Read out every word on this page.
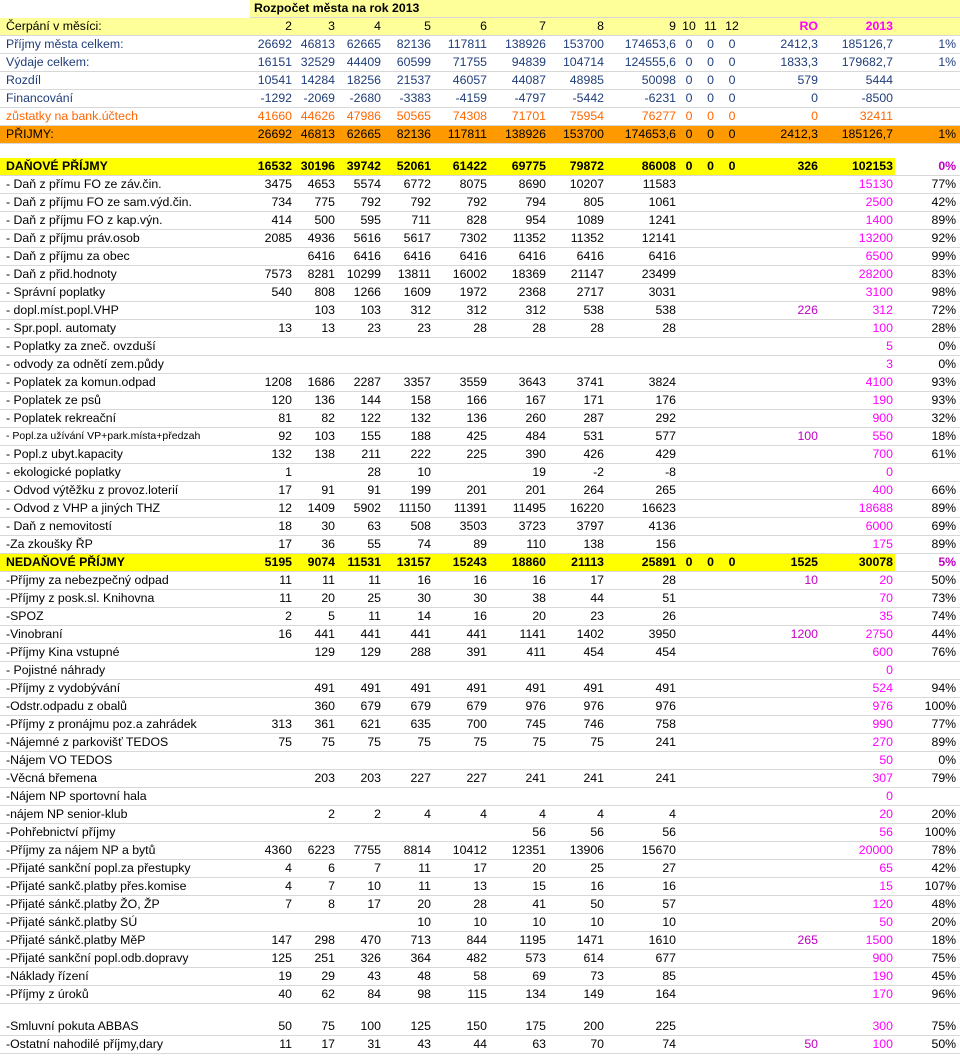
	Rozpočet města na rok 2013													
Čerpání v měsíci:	2	3	4	5	6	7	8	9	10	11	12	RO	2013	
Příjmy města celkem:	26692	46813	62665	82136	117811	138926	153700	174653,6	0	0	0	2412,3	185126,7	1%
Výdaje celkem:	16151	32529	44409	60599	71755	94839	104714	124555,6	0	0	0	1833,3	179682,7	1%
Rozdíl	10541	14284	18256	21537	46057	44087	48985	50098	0	0	0	579	5444	
Financování	-1292	-2069	-2680	-3383	-4159	-4797	-5442	-6231	0	0	0	0	-8500	
zůstatky na bank.účtech	41660	44626	47986	50565	74308	71701	75954	76277	0	0	0	0	32411	
PŘIJMY:	26692	46813	62665	82136	117811	138926	153700	174653,6	0	0	0	2412,3	185126,7	1%

DAŇOVÉ PŘÍJMY	16532	30196	39742	52061	61422	69775	79872	86008	0	0	0	326	102153	0%
- Daň z přímu FO ze záv.čin.	3475	4653	5574	6772	8075	8690	10207	11583					15130	77%
- Daň z příjmu FO ze sam.výd.čin.	734	775	792	792	792	794	805	1061					2500	42%
- Daň z příjmu FO z kap.výn.	414	500	595	711	828	954	1089	1241					1400	89%
- Daň z příjmu práv.osob	2085	4936	5616	5617	7302	11352	11352	12141					13200	92%
- Daň z příjmu za obec		6416	6416	6416	6416	6416	6416	6416					6500	99%
- Daň z přid.hodnoty	7573	8281	10299	13811	16002	18369	21147	23499					28200	83%
- Správní poplatky	540	808	1266	1609	1972	2368	2717	3031					3100	98%
- dopl.míst.popl.VHP		103	103	312	312	312	538	538				226	312	72%
- Spr.popl. automaty	13	13	23	23	28	28	28	28					100	28%
- Poplatky za zneč. ovzduší													5	0%
- odvody za odnětí zem.půdy													3	0%
- Poplatek za komun.odpad	1208	1686	2287	3357	3559	3643	3741	3824					4100	93%
- Poplatek ze psů	120	136	144	158	166	167	171	176					190	93%
- Poplatek rekreační	81	82	122	132	136	260	287	292					900	32%
- Popl.za užívání VP+park.místa+předzah	92	103	155	188	425	484	531	577				100	550	18%
- Popl.z ubyt.kapacity	132	138	211	222	225	390	426	429					700	61%
- ekologické poplatky	1		28	10		19	-2	-8					0	
- Odvod výtěžku z provoz.loterií	17	91	91	199	201	201	264	265					400	66%
- Odvod z VHP a jiných THZ	12	1409	5902	11150	11391	11495	16220	16623					18688	89%
- Daň z nemovitostí	18	30	63	508	3503	3723	3797	4136					6000	69%
-Za zkoušky ŘP	17	36	55	74	89	110	138	156					175	89%
NEDAŇOVÉ PŘÍJMY	5195	9074	11531	13157	15243	18860	21113	25891	0	0	0	1525	30078	5%
-Příjmy za nebezpečný odpad	11	11	11	16	16	16	17	28				10	20	50%
-Příjmy z posk.sl. Knihovna	11	20	25	30	30	38	44	51					70	73%
-SPOZ	2	5	11	14	16	20	23	26					35	74%
-Vinobraní	16	441	441	441	441	1141	1402	3950				1200	2750	44%
-Příjmy Kina vstupné		129	129	288	391	411	454	454					600	76%
- Pojistné náhrady													0	
-Příjmy z vydobývání		491	491	491	491	491	491	491					524	94%
-Odstr.odpadu z obalů		360	679	679	679	976	976	976					976	100%
-Příjmy z pronájmu poz.a zahrádek	313	361	621	635	700	745	746	758					990	77%
-Nájemné z parkovišť TEDOS	75	75	75	75	75	75	75	241					270	89%
-Nájem VO TEDOS													50	0%
-Věcná břemena		203	203	227	227	241	241	241					307	79%
-Nájem NP sportovní hala													0	
-nájem NP senior-klub		2	2	4	4	4	4	4					20	20%
-Pohřebnictví příjmy						56	56	56					56	100%
-Příjmy za nájem NP a bytů	4360	6223	7755	8814	10412	12351	13906	15670					20000	78%
-Přijaté sankční popl.za přestupky	4	6	7	11	17	20	25	27					65	42%
-Přijaté sankč.platby přes.komise	4	7	10	11	13	15	16	16					15	107%
-Přijaté sánkč.platby ŽO, ŽP	7	8	17	20	28	41	50	57					120	48%
-Přijaté sánkč.platby SÚ				10	10	10	10	10					50	20%
-Přijaté sánkč.platby MěP	147	298	470	713	844	1195	1471	1610				265	1500	18%
-Přijaté sankční popl.odb.dopravy	125	251	326	364	482	573	614	677					900	75%
-Náklady řízení	19	29	43	48	58	69	73	85					190	45%
-Příjmy z úroků	40	62	84	98	115	134	149	164					170	96%

-Smluvní pokuta ABBAS	50	75	100	125	150	175	200	225					300	75%
-Ostatní nahodilé příjmy,dary	11	17	31	43	44	63	70	74				50	100	50%
